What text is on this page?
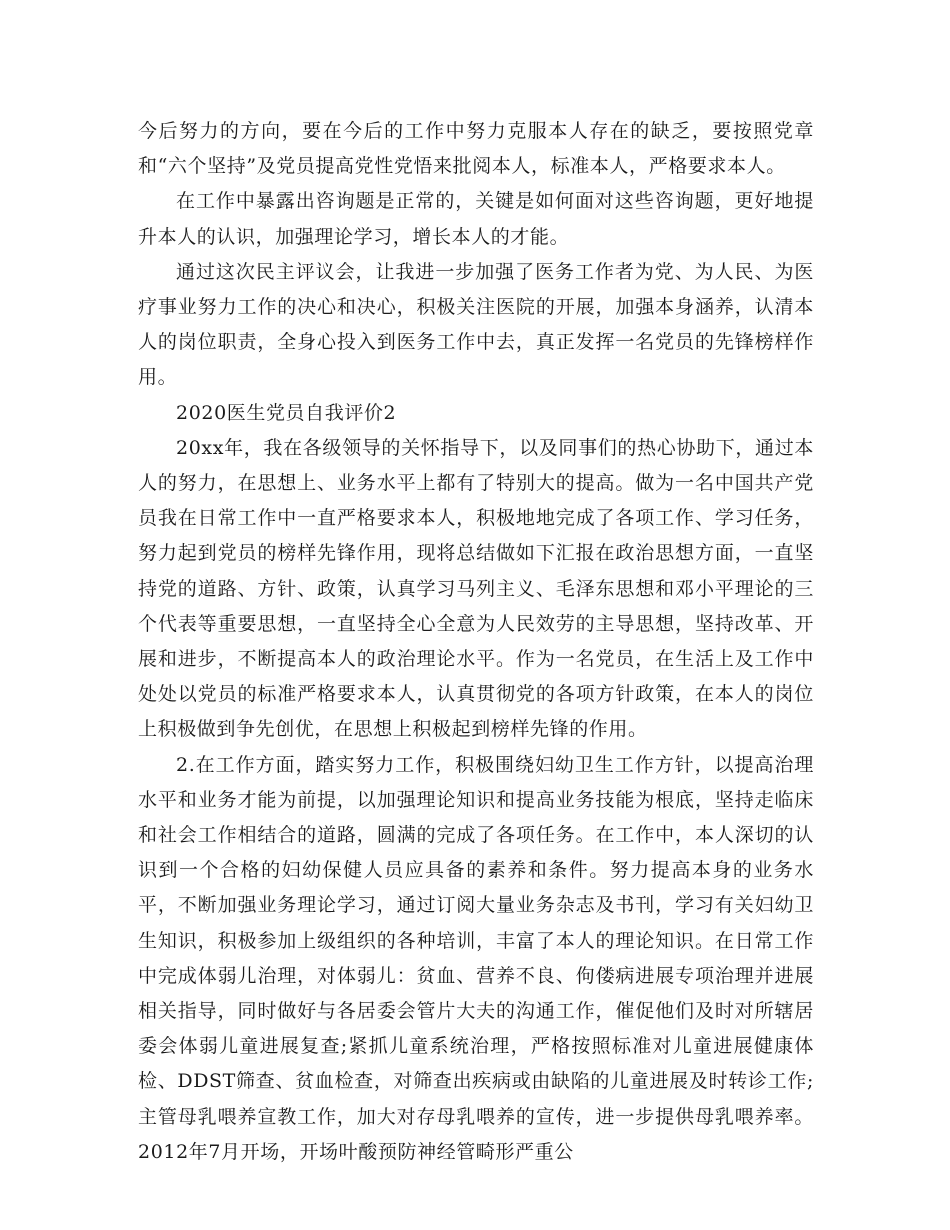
今后努力的方向，要在今后的工作中努力克服本人存在的缺乏，要按照党章和“六个坚持”及党员提高党性党悟来批阅本人，标准本人，严格要求本人。

在工作中暴露出咨询题是正常的，关键是如何面对这些咨询题，更好地提升本人的认识，加强理论学习，增长本人的才能。

通过这次民主评议会，让我进一步加强了医务工作者为党、为人民、为医疗事业努力工作的决心和决心，积极关注医院的开展，加强本身涵养，认清本人的岗位职责，全身心投入到医务工作中去，真正发挥一名党员的先锋榜样作用。

2020医生党员自我评价2

20xx年，我在各级领导的关怀指导下，以及同事们的热心协助下，通过本人的努力，在思想上、业务水平上都有了特别大的提高。做为一名中国共产党员我在日常工作中一直严格要求本人，积极地地完成了各项工作、学习任务，努力起到党员的榜样先锋作用，现将总结做如下汇报在政治思想方面，一直坚持党的道路、方针、政策，认真学习马列主义、毛泽东思想和邓小平理论的三个代表等重要思想，一直坚持全心全意为人民效劳的主导思想，坚持改革、开展和进步，不断提高本人的政治理论水平。作为一名党员，在生活上及工作中处处以党员的标准严格要求本人，认真贯彻党的各项方针政策，在本人的岗位上积极做到争先创优，在思想上积极起到榜样先锋的作用。

2.在工作方面，踏实努力工作，积极围绕妇幼卫生工作方针，以提高治理水平和业务才能为前提，以加强理论知识和提高业务技能为根底，坚持走临床和社会工作相结合的道路，圆满的完成了各项任务。在工作中，本人深切的认识到一个合格的妇幼保健人员应具备的素养和条件。努力提高本身的业务水平，不断加强业务理论学习，通过订阅大量业务杂志及书刊，学习有关妇幼卫生知识，积极参加上级组织的各种培训，丰富了本人的理论知识。在日常工作中完成体弱儿治理，对体弱儿：贫血、营养不良、佝偻病进展专项治理并进展相关指导，同时做好与各居委会管片大夫的沟通工作，催促他们及时对所辖居委会体弱儿童进展复查;紧抓儿童系统治理，严格按照标准对儿童进展健康体检、DDST筛查、贫血检查，对筛查出疾病或由缺陷的儿童进展及时转诊工作;主管母乳喂养宣教工作，加大对存母乳喂养的宣传，进一步提供母乳喂养率。2012年7月开场，开场叶酸预防神经管畸形严重公
